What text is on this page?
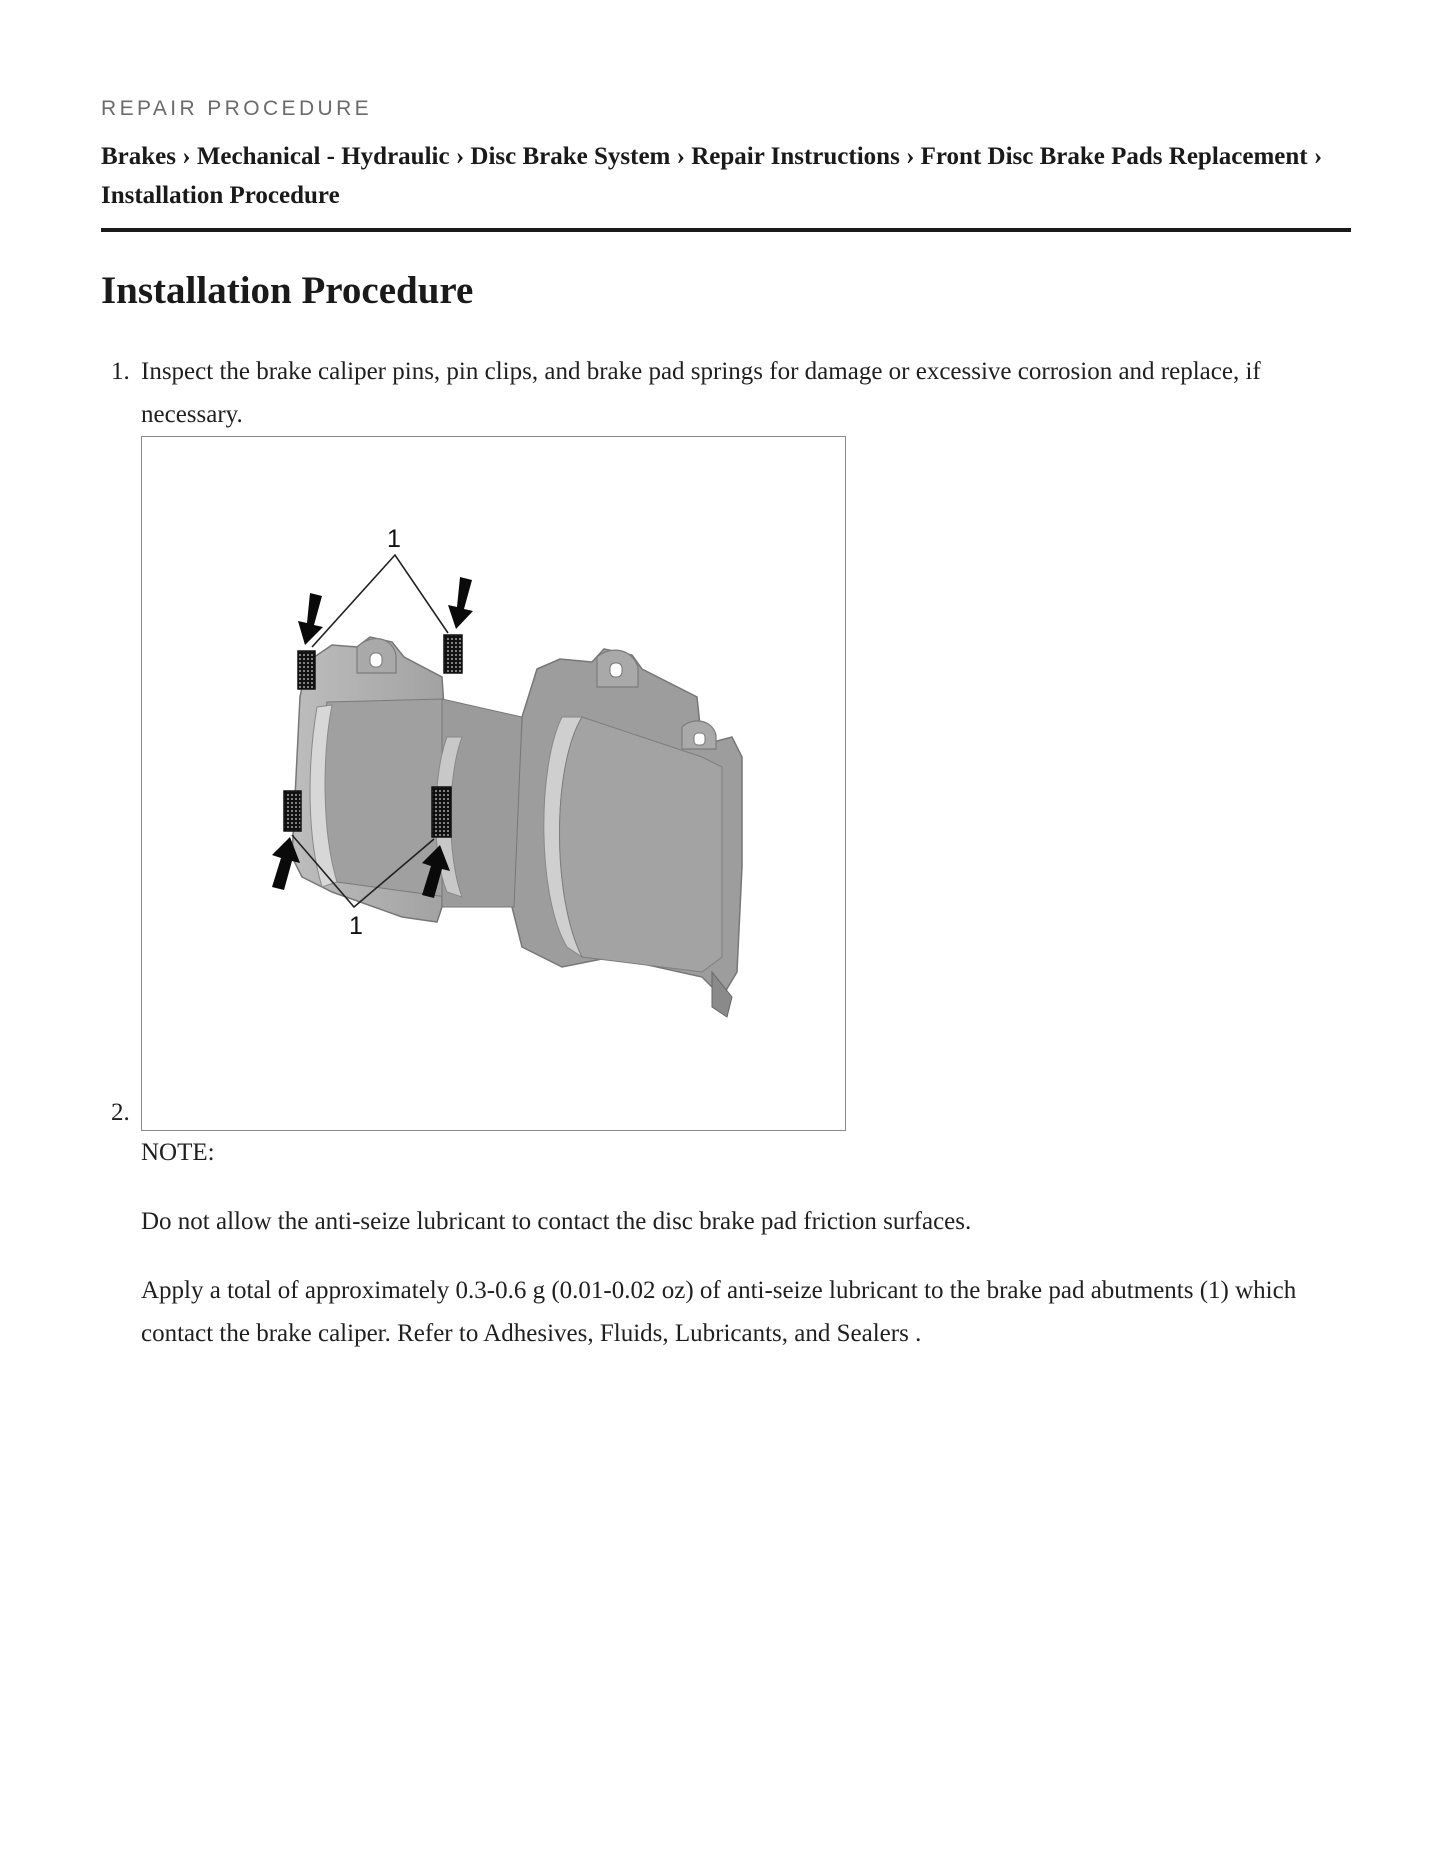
REPAIR PROCEDURE
Brakes › Mechanical - Hydraulic › Disc Brake System › Repair Instructions › Front Disc Brake Pads Replacement › Installation Procedure
Installation Procedure
1. Inspect the brake caliper pins, pin clips, and brake pad springs for damage or excessive corrosion and replace, if necessary.
1
1
2.
NOTE:
Do not allow the anti-seize lubricant to contact the disc brake pad friction surfaces.
Apply a total of approximately 0.3-0.6 g (0.01-0.02 oz) of anti-seize lubricant to the brake pad abutments (1) which contact the brake caliper. Refer to Adhesives, Fluids, Lubricants, and Sealers .
